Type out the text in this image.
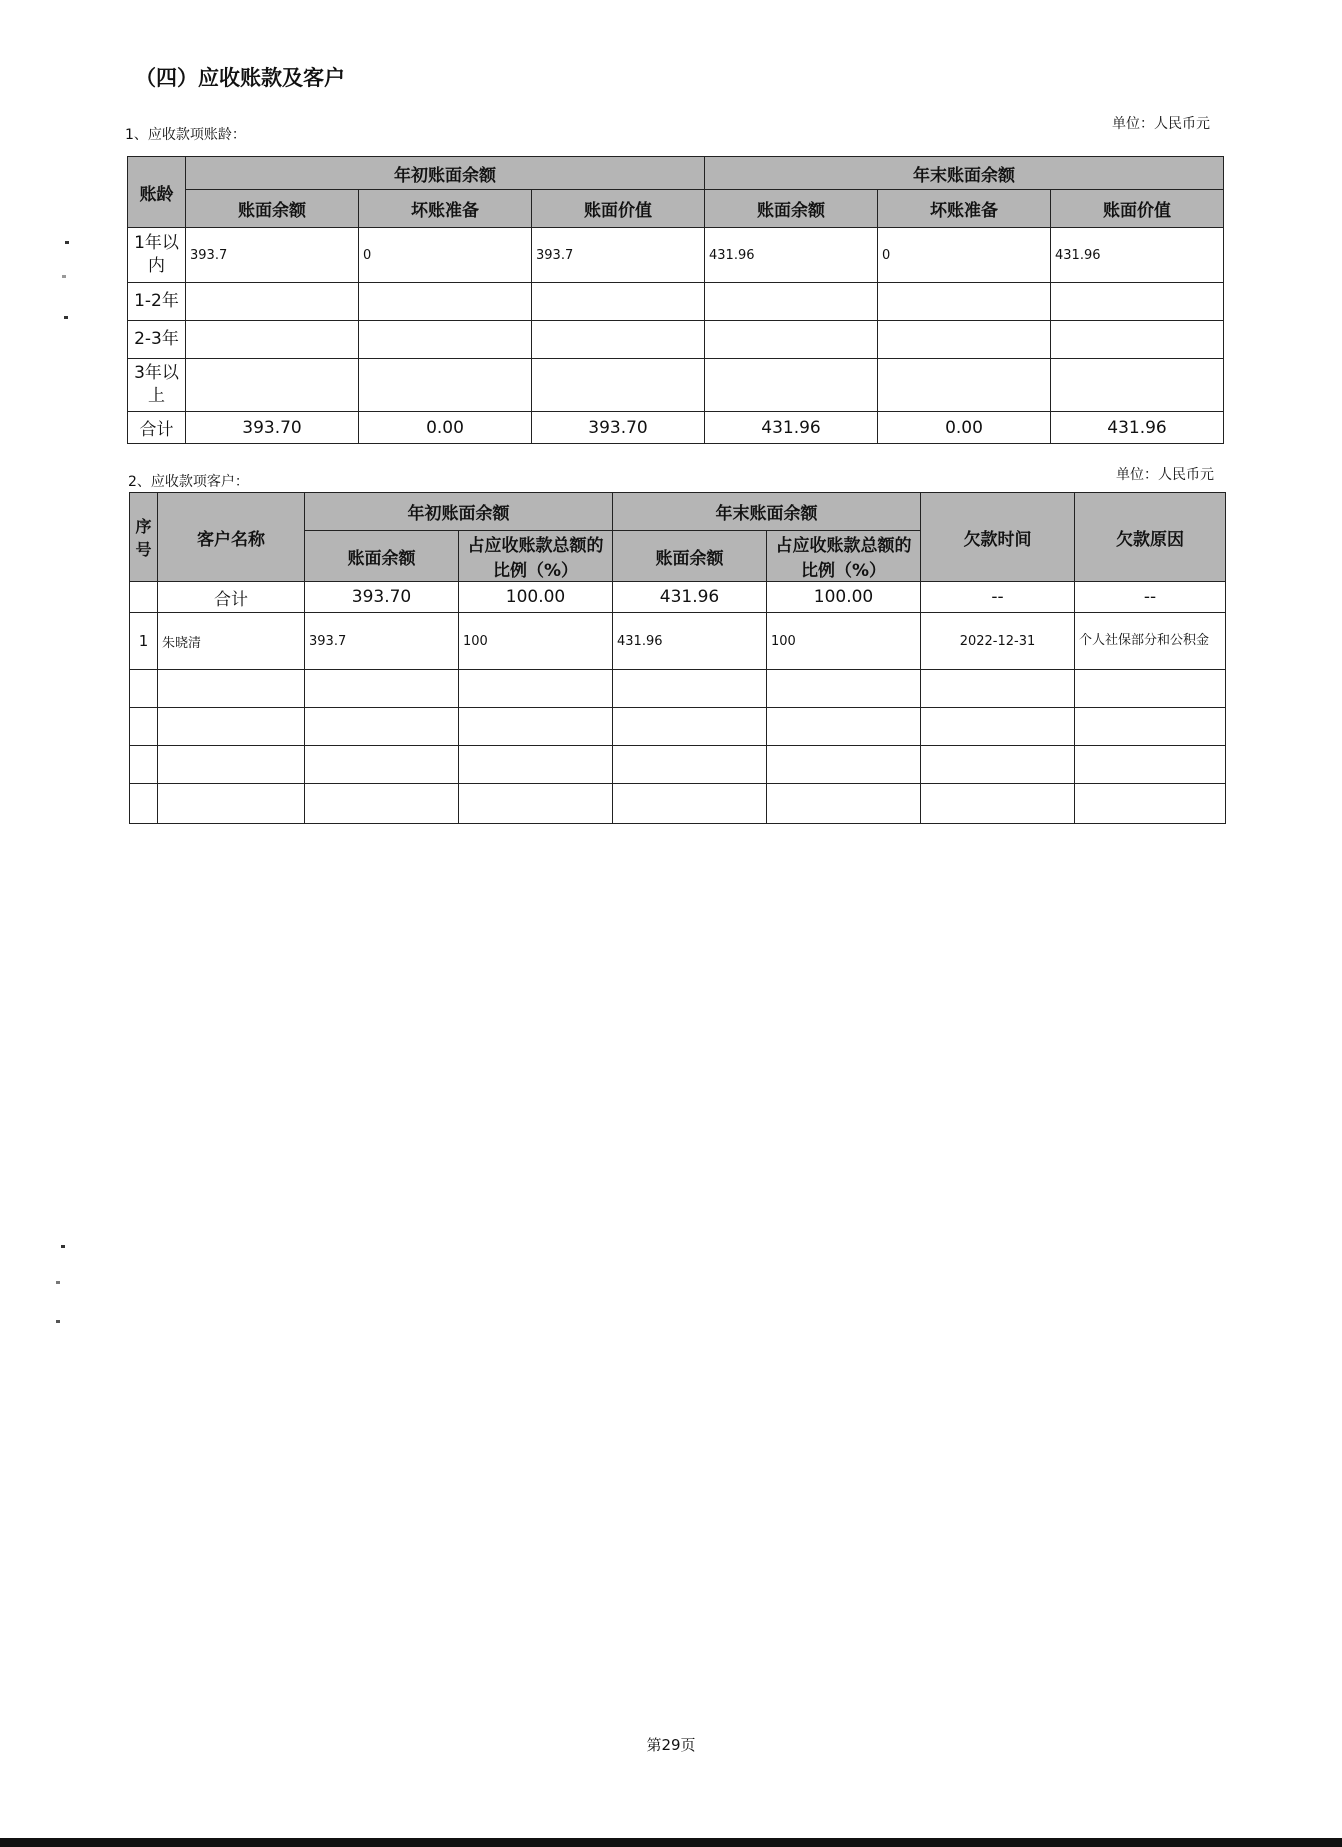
（四）应收账款及客户
1、应收款项账龄：
单位：人民币元
账龄	年初账面余额			年末账面余额		
	账面余额	坏账准备	账面价值	账面余额	坏账准备	账面价值
1年以内	393.7	0	393.7	431.96	0	431.96
1-2年						
2-3年						
3年以上						
合计	393.70	0.00	393.70	431.96	0.00	431.96
2、应收款项客户：	单位：人民币元
序号	客户名称	年初账面余额		年末账面余额		欠款时间	欠款原因
		账面余额	占应收账款总额的比例（%）	账面余额	占应收账款总额的比例（%）		
	合计	393.70	100.00	431.96	100.00	--	--
1	朱晓清	393.7	100	431.96	100	2022-12-31	个人社保部分和公积金

第29页
